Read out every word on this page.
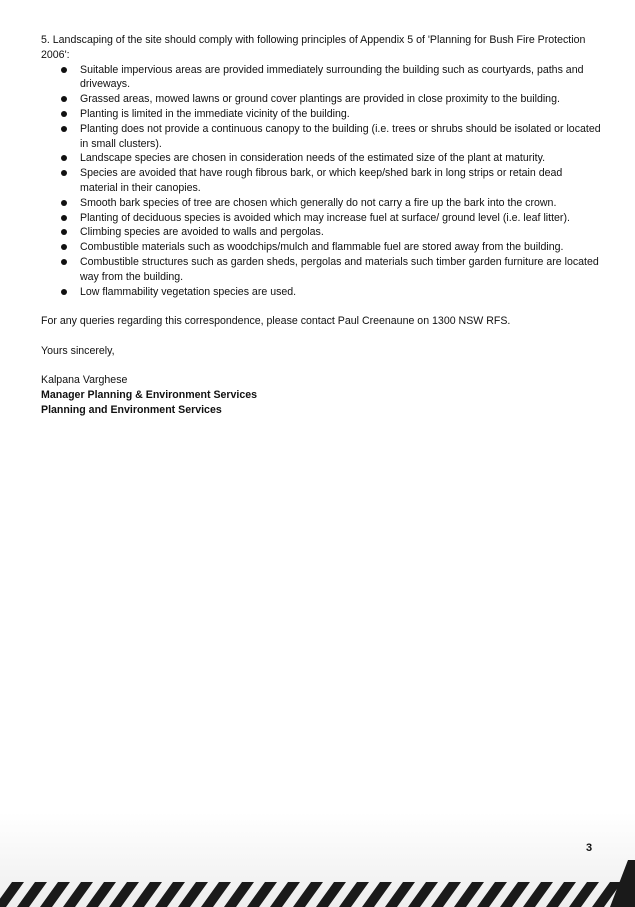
5. Landscaping of the site should comply with following principles of Appendix 5 of 'Planning for Bush Fire Protection 2006':

Suitable impervious areas are provided immediately surrounding the building such as courtyards, paths and driveways.
Grassed areas, mowed lawns or ground cover plantings are provided in close proximity to the building.
Planting is limited in the immediate vicinity of the building.
Planting does not provide a continuous canopy to the building (i.e. trees or shrubs should be isolated or located in small clusters).
Landscape species are chosen in consideration needs of the estimated size of the plant at maturity.
Species are avoided that have rough fibrous bark, or which keep/shed bark in long strips or retain dead material in their canopies.
Smooth bark species of tree are chosen which generally do not carry a fire up the bark into the crown.
Planting of deciduous species is avoided which may increase fuel at surface/ ground level (i.e. leaf litter).
Climbing species are avoided to walls and pergolas.
Combustible materials such as woodchips/mulch and flammable fuel are stored away from the building.
Combustible structures such as garden sheds, pergolas and materials such timber garden furniture are located way from the building.
Low flammability vegetation species are used.

For any queries regarding this correspondence, please contact Paul Creenaune on 1300 NSW RFS.

Yours sincerely,

Kalpana Varghese

Manager Planning & Environment Services

Planning and Environment Services

3
